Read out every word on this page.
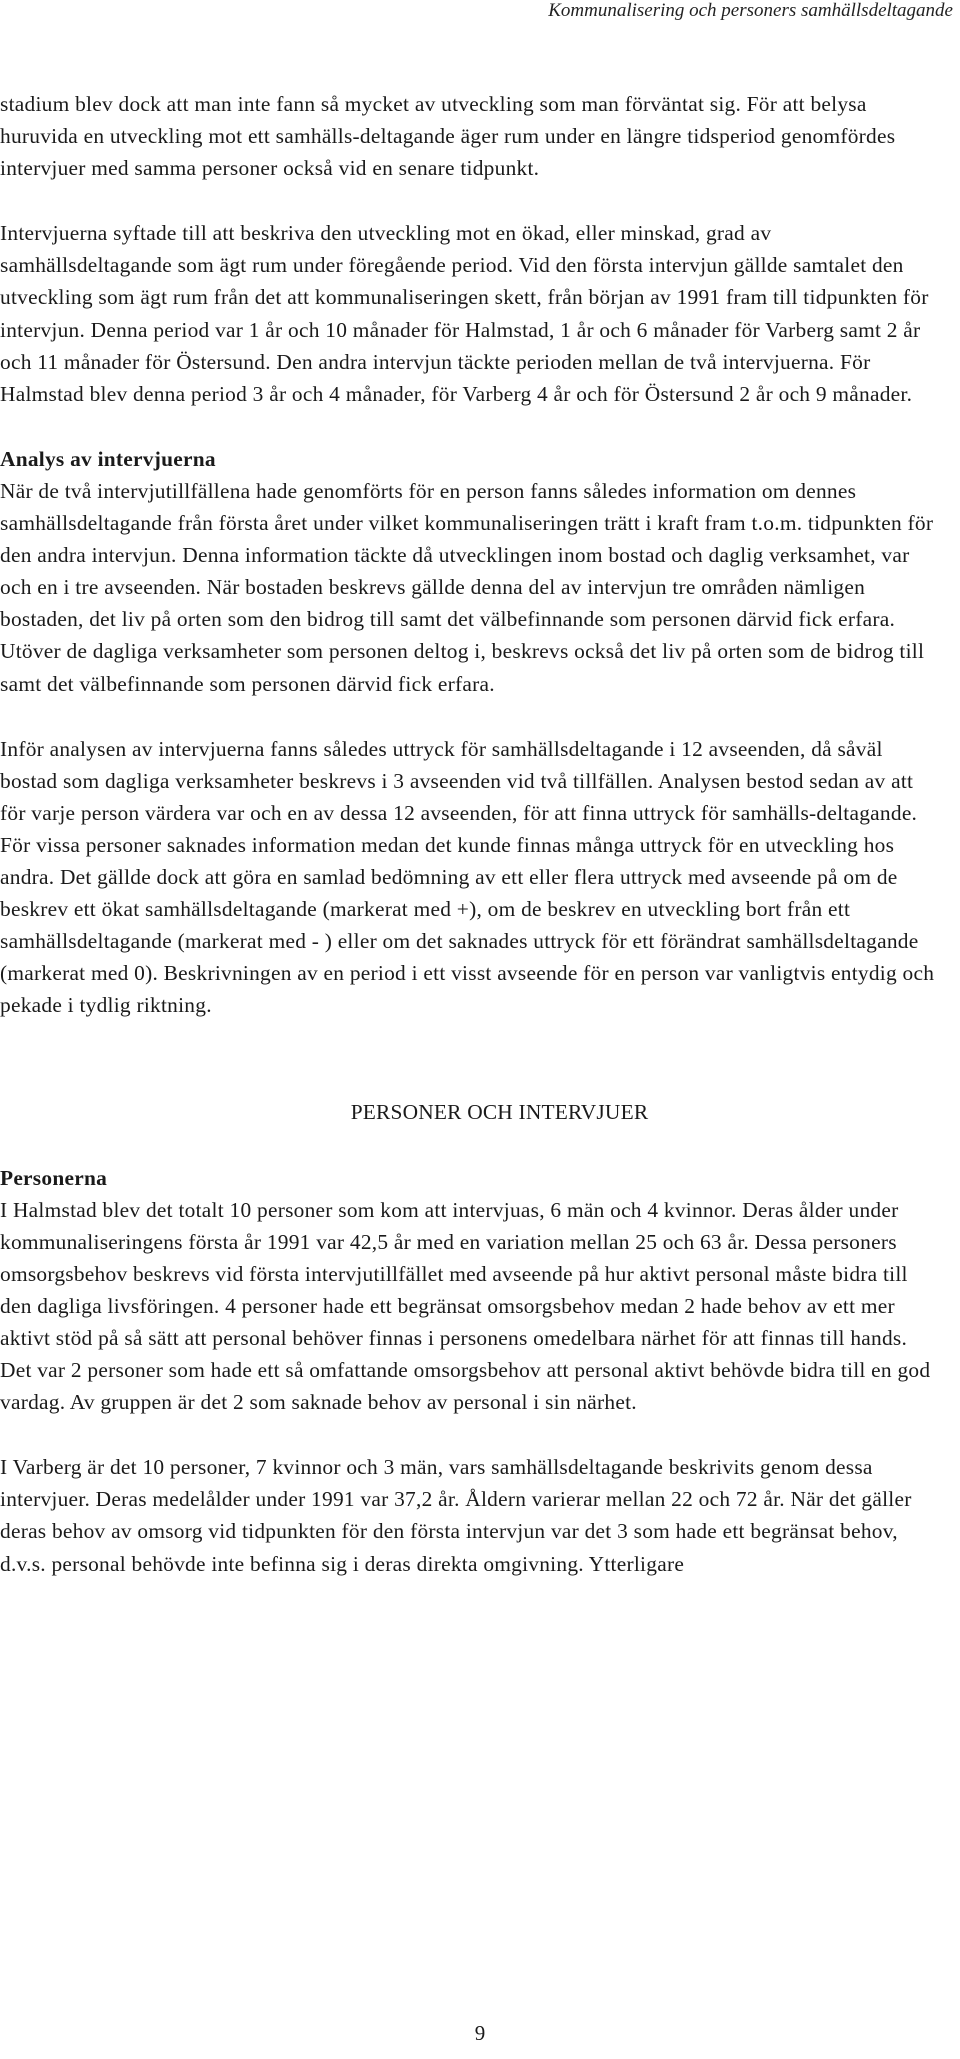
Kommunalisering och personers samhällsdeltagande

stadium blev dock att man inte fann så mycket av utveckling som man förväntat sig. För att belysa huruvida en utveckling mot ett samhälls-deltagande äger rum under en längre tidsperiod genomfördes intervjuer med samma personer också vid en senare tidpunkt.

Intervjuerna syftade till att beskriva den utveckling mot en ökad, eller minskad, grad av samhällsdeltagande som ägt rum under föregående period. Vid den första intervjun gällde samtalet den utveckling som ägt rum från det att kommunaliseringen skett, från början av 1991 fram till tidpunkten för intervjun. Denna period var 1 år och 10 månader för Halmstad, 1 år och 6 månader för Varberg samt 2 år och 11 månader för Östersund. Den andra intervjun täckte perioden mellan de två intervjuerna. För Halmstad blev denna period 3 år och 4 månader, för Varberg 4 år och för Östersund 2 år och 9 månader.

Analys av intervjuerna

När de två intervjutillfällena hade genomförts för en person fanns således information om dennes samhällsdeltagande från första året under vilket kommunaliseringen trätt i kraft fram t.o.m. tidpunkten för den andra intervjun. Denna information täckte då utvecklingen inom bostad och daglig verksamhet, var och en i tre avseenden. När bostaden beskrevs gällde denna del av intervjun tre områden nämligen bostaden, det liv på orten som den bidrog till samt det välbefinnande som personen därvid fick erfara. Utöver de dagliga verksamheter som personen deltog i, beskrevs också det liv på orten som de bidrog till samt det välbefinnande som personen därvid fick erfara.

Inför analysen av intervjuerna fanns således uttryck för samhällsdeltagande i 12 avseenden, då såväl bostad som dagliga verksamheter beskrevs i 3 avseenden vid två tillfällen. Analysen bestod sedan av att för varje person värdera var och en av dessa 12 avseenden, för att finna uttryck för samhälls-deltagande. För vissa personer saknades information medan det kunde finnas många uttryck för en utveckling hos andra. Det gällde dock att göra en samlad bedömning av ett eller flera uttryck med avseende på om de beskrev ett ökat samhällsdeltagande (markerat med +), om de beskrev en utveckling bort från ett samhällsdeltagande (markerat med - ) eller om det saknades uttryck för ett förändrat samhällsdeltagande (markerat med 0). Beskrivningen av en period i ett visst avseende för en person var vanligtvis entydig och pekade i tydlig riktning.

PERSONER OCH INTERVJUER

Personerna

I Halmstad blev det totalt 10 personer som kom att intervjuas, 6 män och 4 kvinnor. Deras ålder under kommunaliseringens första år 1991 var 42,5 år med en variation mellan 25 och 63 år. Dessa personers omsorgsbehov beskrevs vid första intervjutillfället med avseende på hur aktivt personal måste bidra till den dagliga livsföringen. 4 personer hade ett begränsat omsorgsbehov medan 2 hade behov av ett mer aktivt stöd på så sätt att personal behöver finnas i personens omedelbara närhet för att finnas till hands. Det var 2 personer som hade ett så omfattande omsorgsbehov att personal aktivt behövde bidra till en god vardag. Av gruppen är det 2 som saknade behov av personal i sin närhet.

I Varberg är det 10 personer, 7 kvinnor och 3 män, vars samhällsdeltagande beskrivits genom dessa intervjuer. Deras medelålder under 1991 var 37,2 år. Åldern varierar mellan 22 och 72 år. När det gäller deras behov av omsorg vid tidpunkten för den första intervjun var det 3 som hade ett begränsat behov, d.v.s. personal behövde inte befinna sig i deras direkta omgivning. Ytterligare

9
